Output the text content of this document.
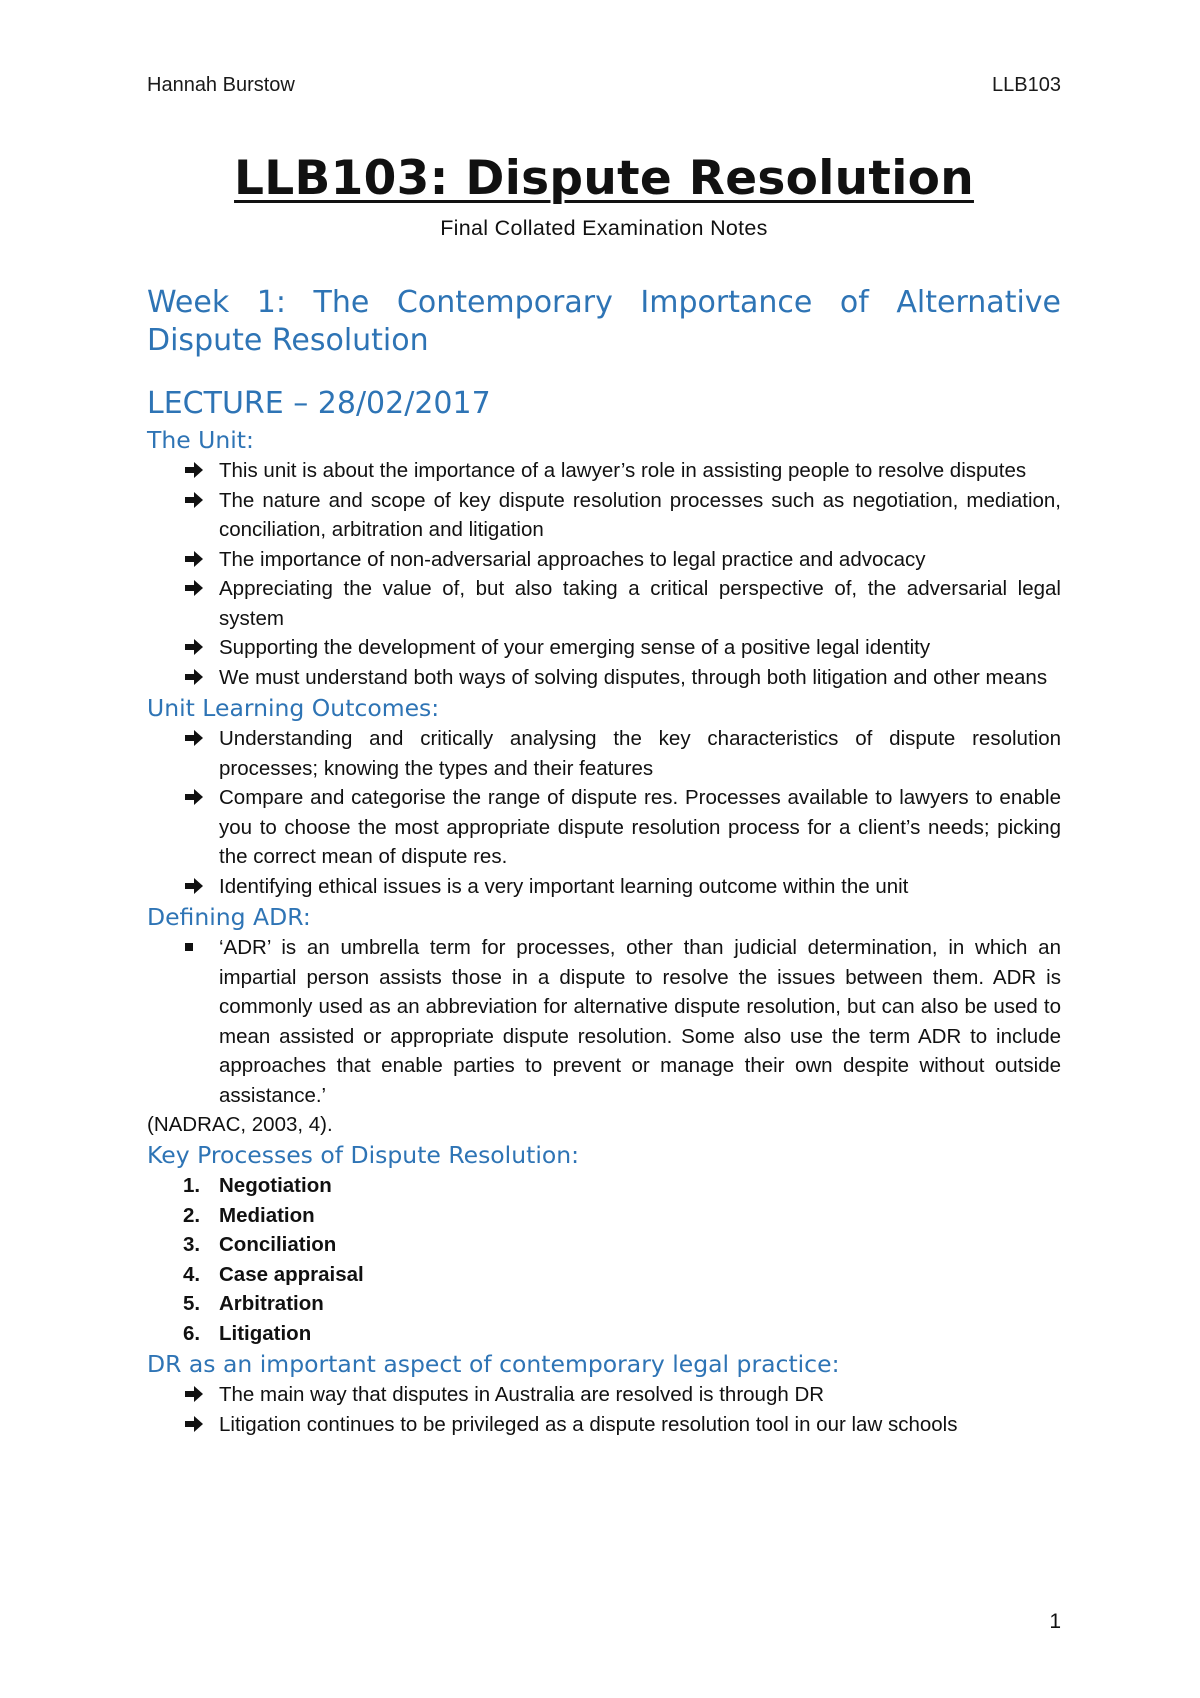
Hannah Burstow	LLB103
LLB103: Dispute Resolution
Final Collated Examination Notes
Week 1: The Contemporary Importance of Alternative Dispute Resolution
LECTURE – 28/02/2017
The Unit:
This unit is about the importance of a lawyer’s role in assisting people to resolve disputes
The nature and scope of key dispute resolution processes such as negotiation, mediation, conciliation, arbitration and litigation
The importance of non-adversarial approaches to legal practice and advocacy
Appreciating the value of, but also taking a critical perspective of, the adversarial legal system
Supporting the development of your emerging sense of a positive legal identity
We must understand both ways of solving disputes, through both litigation and other means
Unit Learning Outcomes:
Understanding and critically analysing the key characteristics of dispute resolution processes; knowing the types and their features
Compare and categorise the range of dispute res. Processes available to lawyers to enable you to choose the most appropriate dispute resolution process for a client’s needs; picking the correct mean of dispute res.
Identifying ethical issues is a very important learning outcome within the unit
Defining ADR:
‘ADR’ is an umbrella term for processes, other than judicial determination, in which an impartial person assists those in a dispute to resolve the issues between them. ADR is commonly used as an abbreviation for alternative dispute resolution, but can also be used to mean assisted or appropriate dispute resolution. Some also use the term ADR to include approaches that enable parties to prevent or manage their own despite without outside assistance.’
(NADRAC, 2003, 4).
Key Processes of Dispute Resolution:
1. Negotiation
2. Mediation
3. Conciliation
4. Case appraisal
5. Arbitration
6. Litigation
DR as an important aspect of contemporary legal practice:
The main way that disputes in Australia are resolved is through DR
Litigation continues to be privileged as a dispute resolution tool in our law schools
1
